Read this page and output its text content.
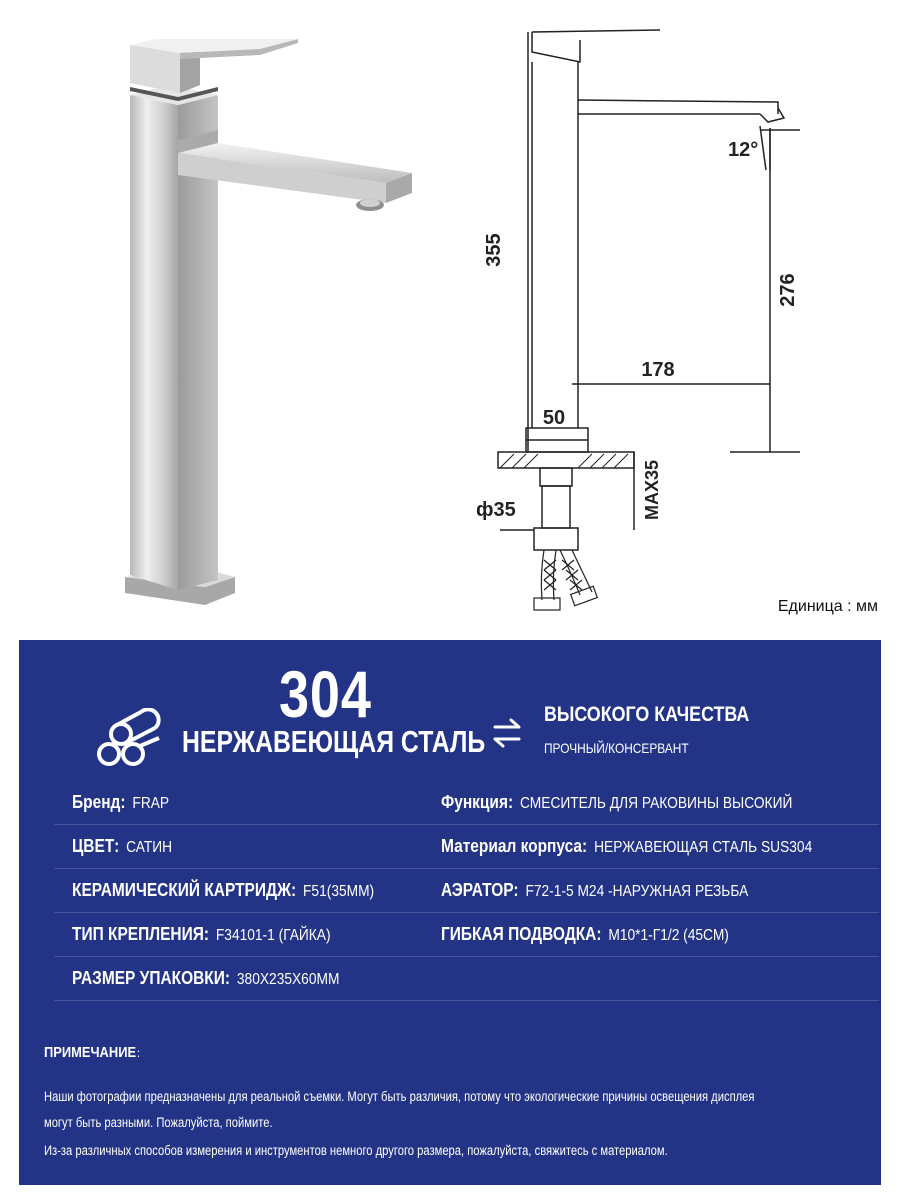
355
12°
276
178
50
MAX35
ф35
Единица : мм
304
НЕРЖАВЕЮЩАЯ СТАЛЬ
ВЫСОКОГО КАЧЕСТВА
ПРОЧНЫЙ/КОНСЕРВАНТ
Бренд: FRAP	Функция: СМЕСИТЕЛЬ ДЛЯ РАКОВИНЫ ВЫСОКИЙ
ЦВЕТ: САТИН	Материал корпуса: НЕРЖАВЕЮЩАЯ СТАЛЬ SUS304
КЕРАМИЧЕСКИЙ КАРТРИДЖ: F51(35ММ)	АЭРАТОР: F72-1-5 M24 -НАРУЖНАЯ РЕЗЬБА
ТИП КРЕПЛЕНИЯ: F34101-1 (ГАЙКА)	ГИБКАЯ ПОДВОДКА: M10*1-Г1/2 (45СМ)
РАЗМЕР УПАКОВКИ: 380Х235Х60ММ
ПРИМЕЧАНИЕ：
Наши фотографии предназначены для реальной съемки. Могут быть различия, потому что экологические причины освещения дисплея
могут быть разными. Пожалуйста, поймите.
Из-за различных способов измерения и инструментов немного другого размера, пожалуйста, свяжитесь с материалом.
